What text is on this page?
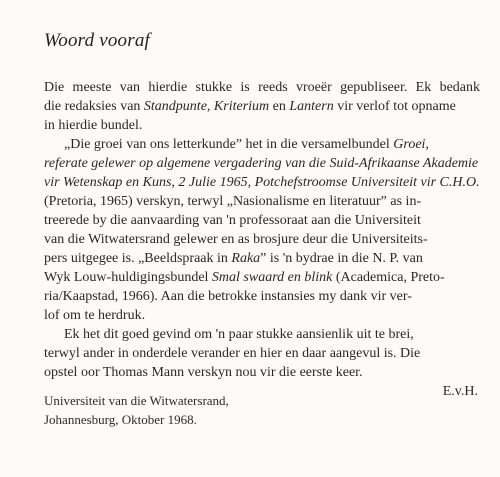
Woord vooraf
Die meeste van hierdie stukke is reeds vroeër gepubliseer. Ek bedank
die redaksies van Standpunte, Kriterium en Lantern vir verlof tot opname
in hierdie bundel.
„Die groei van ons letterkunde” het in die versamelbundel Groei,
referate gelewer op algemene vergadering van die Suid-Afrikaanse Akademie
vir Wetenskap en Kuns, 2 Julie 1965, Potchefstroomse Universiteit vir C.H.O.
(Pretoria, 1965) verskyn, terwyl „Nasionalisme en literatuur” as in-
treerede by die aanvaarding van 'n professoraat aan die Universiteit
van die Witwatersrand gelewer en as brosjure deur die Universiteits-
pers uitgegee is. „Beeldspraak in Raka” is 'n bydrae in die N. P. van
Wyk Louw-huldigingsbundel Smal swaard en blink (Academica, Preto-
ria/Kaapstad, 1966). Aan die betrokke instansies my dank vir ver-
lof om te herdruk.
Ek het dit goed gevind om 'n paar stukke aansienlik uit te brei,
terwyl ander in onderdele verander en hier en daar aangevul is. Die
opstel oor Thomas Mann verskyn nou vir die eerste keer.
E.v.H.
Universiteit van die Witwatersrand,
Johannesburg, Oktober 1968.
